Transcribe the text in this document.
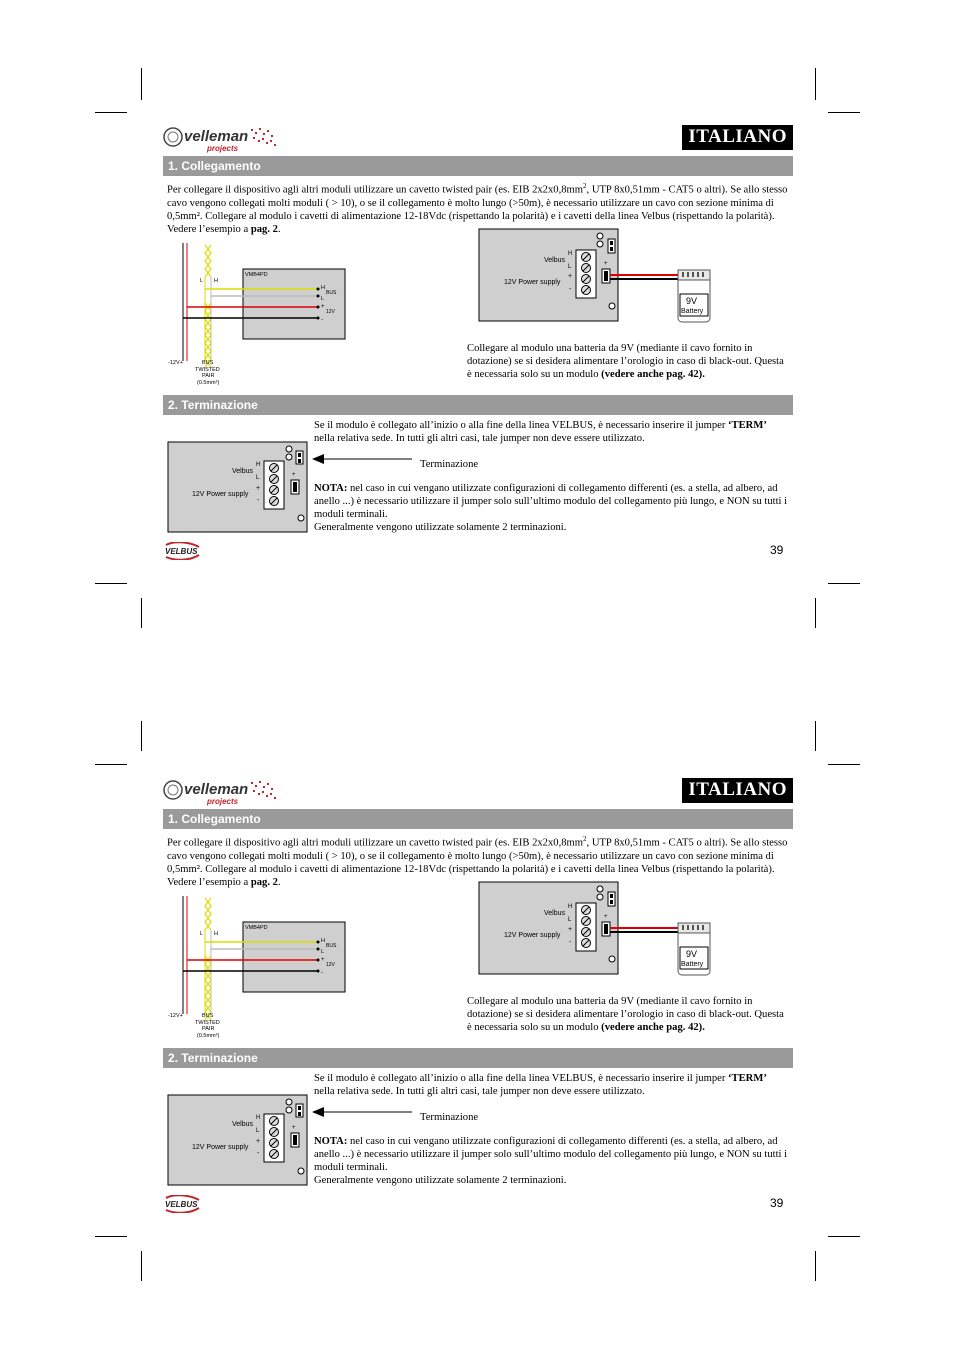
velleman
projects
ITALIANO
1. Collegamento
Per collegare il dispositivo agli altri moduli utilizzare un cavetto twisted pair (es. EIB $2x2x0,8mm^2$, UTP 8x0,51mm - CAT5 o altri). Se allo stesso cavo vengono collegati molti moduli ( > 10), o se il collegamento è molto lungo (>50m), è necessario utilizzare un cavo con sezione minima di 0,5mm². Collegare al modulo i cavetti di alimentazione 12-18Vdc (rispettando la polarità) e i cavetti della linea Velbus (rispettando la polarità). Vedere l’esempio a pag. 2.
VMB4PD
L H
H
BUS
L
+
12V
-
-12V+	BUS
TWISTED
PAIR
(0.5mm²)
H
Velbus
L
+
12V Power supply
-
+
9V
Battery
Collegare al modulo una batteria da 9V (mediante il cavo fornito in dotazione) se si desidera alimentare l’orologio in caso di black-out. Questa è necessaria solo su un modulo (vedere anche pag. 42).
2. Terminazione
H
Velbus
L
+
12V Power supply
-
+
Se il modulo è collegato all’inizio o alla fine della linea VELBUS, è necessario inserire il jumper ‘TERM’ nella relativa sede. In tutti gli altri casi, tale jumper non deve essere utilizzato.
Terminazione
NOTA: nel caso in cui vengano utilizzate configurazioni di collegamento differenti (es. a stella, ad albero, ad anello ...) è necessario utilizzare il jumper solo sull’ultimo modulo del collegamento più lungo, e NON su tutti i moduli terminali.
Generalmente vengono utilizzate solamente 2 terminazioni.
VELBUS	39
velleman
projects
ITALIANO
1. Collegamento
Per collegare il dispositivo agli altri moduli utilizzare un cavetto twisted pair (es. EIB $2x2x0,8mm^2$, UTP 8x0,51mm - CAT5 o altri). Se allo stesso cavo vengono collegati molti moduli ( > 10), o se il collegamento è molto lungo (>50m), è necessario utilizzare un cavo con sezione minima di 0,5mm². Collegare al modulo i cavetti di alimentazione 12-18Vdc (rispettando la polarità) e i cavetti della linea Velbus (rispettando la polarità). Vedere l’esempio a pag. 2.
VMB4PD
L H
H
BUS
L
+
12V
-
-12V+	BUS
TWISTED
PAIR
(0.5mm²)
H
Velbus
L
+
12V Power supply
-
+
9V
Battery
Collegare al modulo una batteria da 9V (mediante il cavo fornito in dotazione) se si desidera alimentare l’orologio in caso di black-out. Questa è necessaria solo su un modulo (vedere anche pag. 42).
2. Terminazione
H
Velbus
L
+
12V Power supply
-
+
Se il modulo è collegato all’inizio o alla fine della linea VELBUS, è necessario inserire il jumper ‘TERM’ nella relativa sede. In tutti gli altri casi, tale jumper non deve essere utilizzato.
Terminazione
NOTA: nel caso in cui vengano utilizzate configurazioni di collegamento differenti (es. a stella, ad albero, ad anello ...) è necessario utilizzare il jumper solo sull’ultimo modulo del collegamento più lungo, e NON su tutti i moduli terminali.
Generalmente vengono utilizzate solamente 2 terminazioni.
VELBUS	39
